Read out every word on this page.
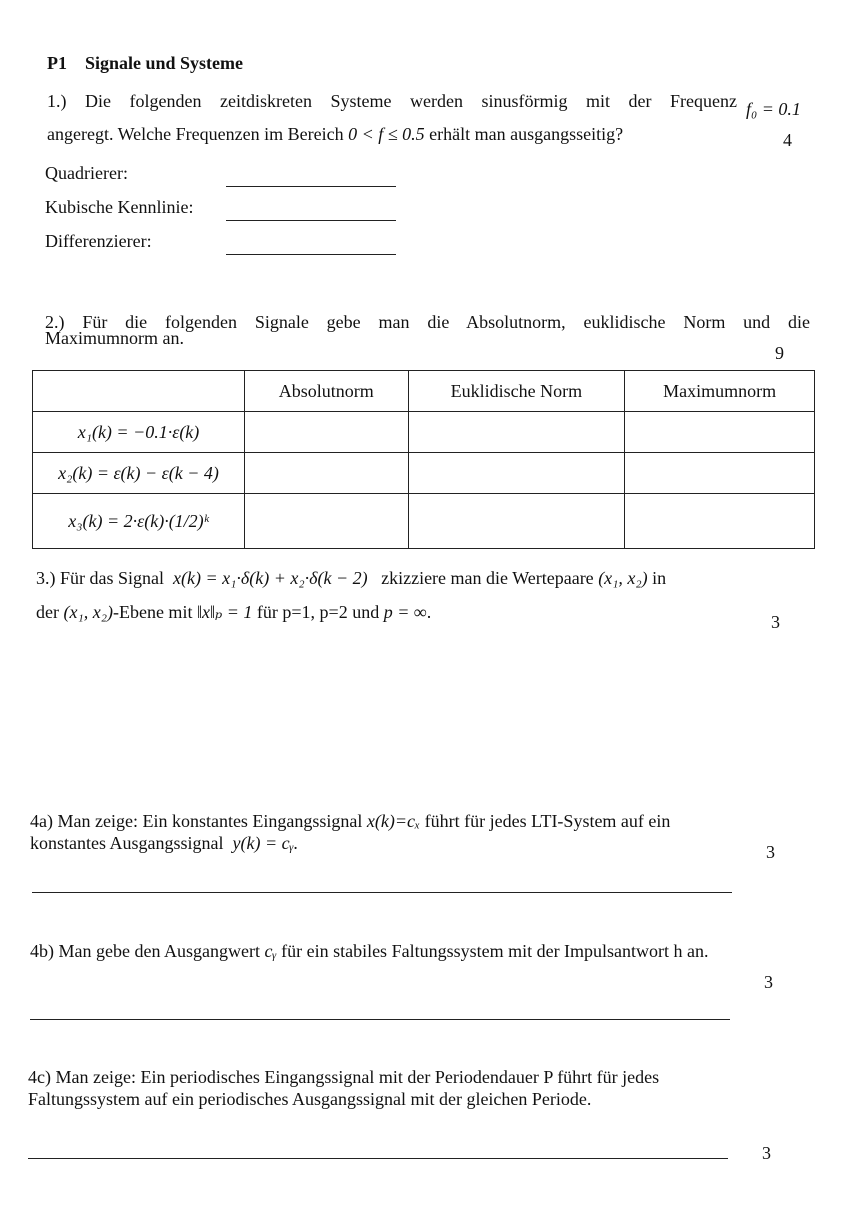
P1 Signale und Systeme
1.) Die folgenden zeitdiskreten Systeme werden sinusförmig mit der Frequenz f₀ = 0.1
angeregt. Welche Frequenzen im Bereich 0 < f ≤ 0.5 erhält man ausgangsseitig?	4
Quadrierer:
Kubische Kennlinie:
Differenzierer:
2.) Für die folgenden Signale gebe man die Absolutnorm, euklidische Norm und die
Maximumnorm an.
9
	Absolutnorm	Euklidische Norm	Maximumnorm
x₁(k) = −0.1·ε(k)			
x₂(k) = ε(k) − ε(k − 4)			
x₃(k) = 2·ε(k)·(1/2)ᵏ			
3.) Für das Signal x(k) = x₁·δ(k) + x₂·δ(k − 2) zkizziere man die Wertepaare (x₁, x₂) in
der (x₁, x₂)-Ebene mit ‖x‖ₚ = 1 für p=1, p=2 und p = ∞.	3
4a) Man zeige: Ein konstantes Eingangssignal x(k)=cₓ führt für jedes LTI-System auf ein
konstantes Ausgangssignal y(k) = cᵧ.	3
4b) Man gebe den Ausgangwert cᵧ für ein stabiles Faltungssystem mit der Impulsantwort h an.
3
4c) Man zeige: Ein periodisches Eingangssignal mit der Periodendauer P führt für jedes
Faltungssystem auf ein periodisches Ausgangssignal mit der gleichen Periode.
3
